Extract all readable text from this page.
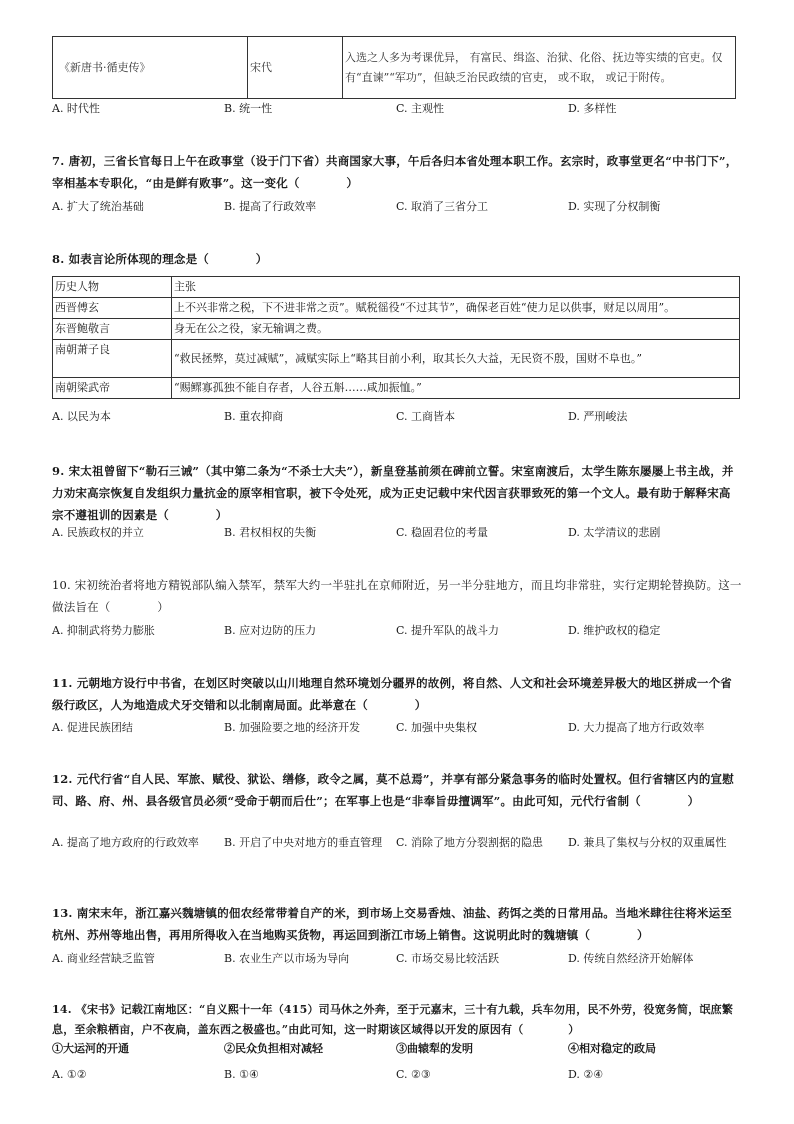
《新唐书·循吏传》	宋代	入选之人多为考课优异， 有富民、缉盗、治狱、化俗、抚边等实绩的官吏。仅有“直谏”“军功”，但缺乏治民政绩的官吏， 或不取， 或记于附传。
A. 时代性	B. 统一性	C. 主观性	D. 多样性
7. 唐初，三省长官每日上午在政事堂（设于门下省）共商国家大事，午后各归本省处理本职工作。玄宗时，政事堂更名“中书门下”，宰相基本专职化，“由是鲜有败事”。这一变化（　　　　）
A. 扩大了统治基础	B. 提高了行政效率	C. 取消了三省分工	D. 实现了分权制衡
8. 如表言论所体现的理念是（　　　　）
历史人物	主张
西晋傅玄	上不兴非常之税，下不进非常之贡”。赋税徭役“不过其节”，确保老百姓“使力足以供事，财足以周用”。
东晋鲍敬言	身无在公之役，家无输调之费。
南朝萧子良	“救民拯弊，莫过减赋”，减赋实际上“略其目前小利，取其长久大益，无民资不殷，国财不阜也。”
南朝梁武帝	“赐鳏寡孤独不能自存者，人谷五斛……咸加振恤。”
A. 以民为本	B. 重农抑商	C. 工商皆本	D. 严刑峻法
9. 宋太祖曾留下“勒石三诫”（其中第二条为“不杀士大夫”），新皇登基前须在碑前立誓。宋室南渡后，太学生陈东屡屡上书主战，并力劝宋高宗恢复自发组织力量抗金的原宰相官职，被下令处死，成为正史记载中宋代因言获罪致死的第一个文人。最有助于解释宋高宗不遵祖训的因素是（　　　　）
A. 民族政权的并立	B. 君权相权的失衡	C. 稳固君位的考量	D. 太学清议的悲剧
10. 宋初统治者将地方精锐部队编入禁军，禁军大约一半驻扎在京师附近，另一半分驻地方，而且均非常驻，实行定期轮替换防。这一做法旨在（　　　　）
A. 抑制武将势力膨胀	B. 应对边防的压力	C. 提升军队的战斗力	D. 维护政权的稳定
11. 元朝地方设行中书省，在划区时突破以山川地理自然环境划分疆界的故例，将自然、人文和社会环境差异极大的地区拼成一个省级行政区，人为地造成犬牙交错和以北制南局面。此举意在（　　　　）
A. 促进民族团结	B. 加强险要之地的经济开发	C. 加强中央集权	D. 大力提高了地方行政效率
12. 元代行省“自人民、军旅、赋役、狱讼、缮修，政令之属，莫不总焉”，并享有部分紧急事务的临时处置权。但行省辖区内的宣慰司、路、府、州、县各级官员必须“受命于朝而后仕”；在军事上也是“非奉旨毋擅调军”。由此可知，元代行省制（　　　　）
A. 提高了地方政府的行政效率	B. 开启了中央对地方的垂直管理	C. 消除了地方分裂割据的隐患	D. 兼具了集权与分权的双重属性
13. 南宋末年，浙江嘉兴魏塘镇的佃农经常带着自产的米，到市场上交易香烛、油盐、药饵之类的日常用品。当地米肆往往将米运至杭州、苏州等地出售，再用所得收入在当地购买货物，再运回到浙江市场上销售。这说明此时的魏塘镇（　　　　）
A. 商业经营缺乏监管	B. 农业生产以市场为导向	C. 市场交易比较活跃	D. 传统自然经济开始解体
14. 《宋书》记载江南地区：“自义熙十一年（415）司马休之外奔，至于元嘉末，三十有九载，兵车勿用，民不外劳，役宽务简，氓庶繁息，至余粮栖亩，户不夜扃，盖东西之极盛也。”由此可知，这一时期该区域得以开发的原因有（　　　　）
①大运河的开通	②民众负担相对减轻	③曲辕犁的发明	④相对稳定的政局
A. ①②	B. ①④	C. ②③	D. ②④
